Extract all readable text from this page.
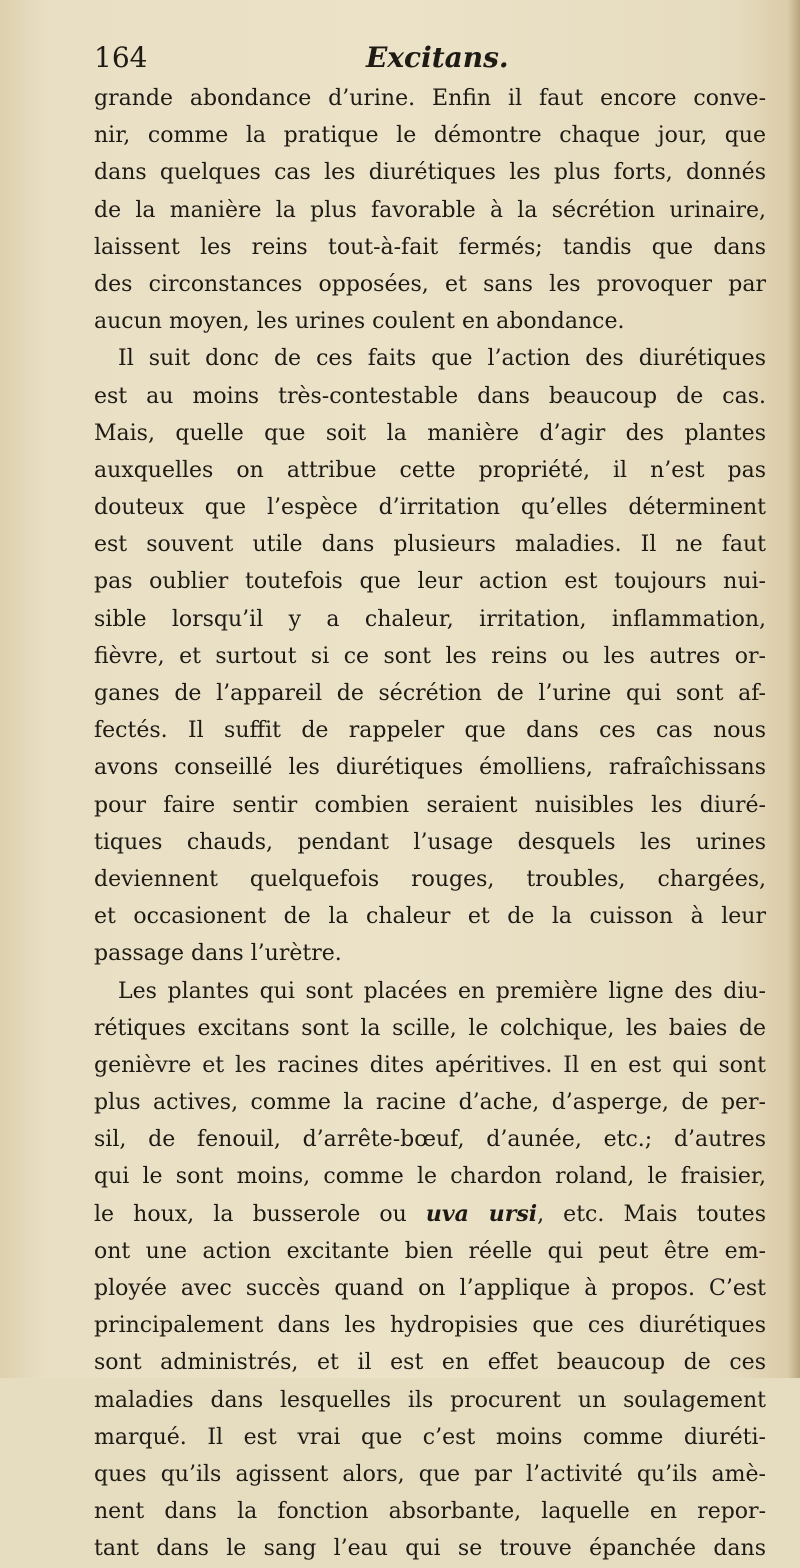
164	Excitans.
grande abondance d’urine. Enfin il faut encore conve-
nir, comme la pratique le démontre chaque jour, que
dans quelques cas les diurétiques les plus forts, donnés
de la manière la plus favorable à la sécrétion urinaire,
laissent les reins tout-à-fait fermés; tandis que dans
des circonstances opposées, et sans les provoquer par
aucun moyen, les urines coulent en abondance.
Il suit donc de ces faits que l’action des diurétiques
est au moins très-contestable dans beaucoup de cas.
Mais, quelle que soit la manière d’agir des plantes
auxquelles on attribue cette propriété, il n’est pas
douteux que l’espèce d’irritation qu’elles déterminent
est souvent utile dans plusieurs maladies. Il ne faut
pas oublier toutefois que leur action est toujours nui-
sible lorsqu’il y a chaleur, irritation, inflammation,
fièvre, et surtout si ce sont les reins ou les autres or-
ganes de l’appareil de sécrétion de l’urine qui sont af-
fectés. Il suffit de rappeler que dans ces cas nous
avons conseillé les diurétiques émolliens, rafraîchissans
pour faire sentir combien seraient nuisibles les diuré-
tiques chauds, pendant l’usage desquels les urines
deviennent quelquefois rouges, troubles, chargées,
et occasionent de la chaleur et de la cuisson à leur
passage dans l’urètre.
Les plantes qui sont placées en première ligne des diu-
rétiques excitans sont la scille, le colchique, les baies de
genièvre et les racines dites apéritives. Il en est qui sont
plus actives, comme la racine d’ache, d’asperge, de per-
sil, de fenouil, d’arrête-bœuf, d’aunée, etc.; d’autres
qui le sont moins, comme le chardon roland, le fraisier,
le houx, la busserole ou uva ursi, etc. Mais toutes
ont une action excitante bien réelle qui peut être em-
ployée avec succès quand on l’applique à propos. C’est
principalement dans les hydropisies que ces diurétiques
sont administrés, et il est en effet beaucoup de ces
maladies dans lesquelles ils procurent un soulagement
marqué. Il est vrai que c’est moins comme diuréti-
ques qu’ils agissent alors, que par l’activité qu’ils amè-
nent dans la fonction absorbante, laquelle en repor-
tant dans le sang l’eau qui se trouve épanchée dans
